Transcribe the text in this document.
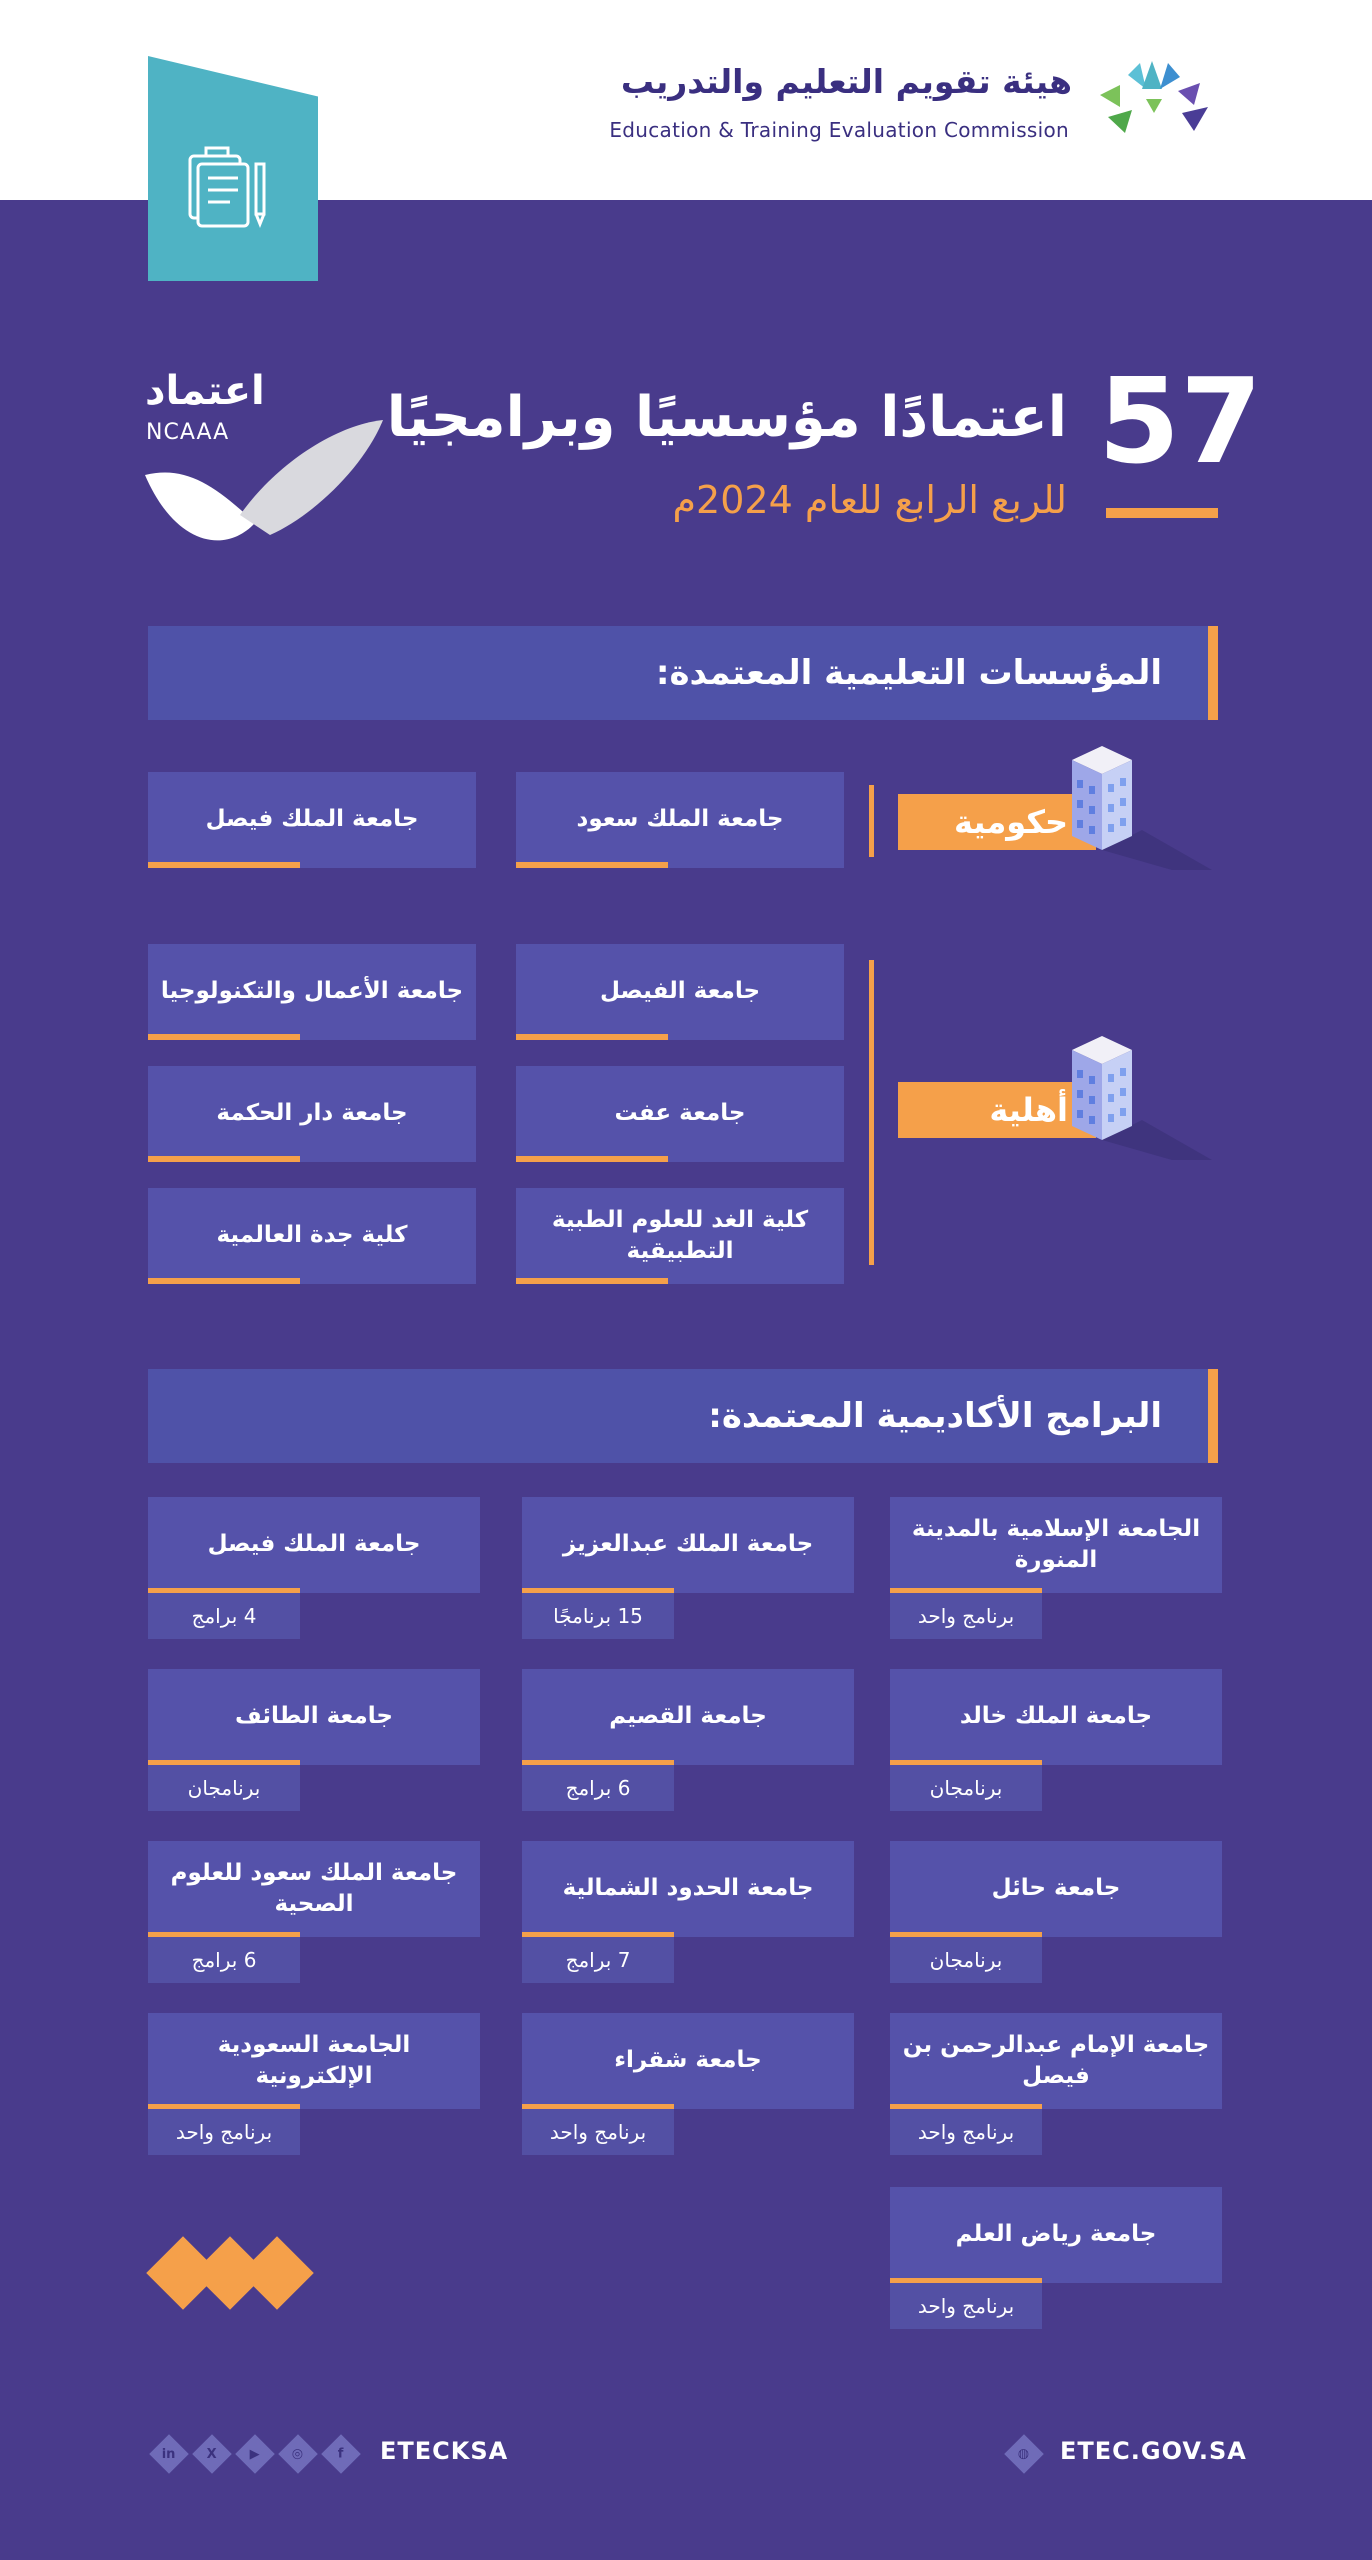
هيئة تقويم التعليم والتدريب
Education & Training Evaluation Commission
57
اعتمادًا مؤسسيًا وبرامجيًا
للربع الرابع للعام 2024م
اعتماد
NCAAA
المؤسسات التعليمية المعتمدة:
حكومية
جامعة الملك سعود
جامعة الملك فيصل
أهلية
جامعة الفيصل
جامعة الأعمال والتكنولوجيا
جامعة عفت
جامعة دار الحكمة
كلية الغد للعلوم الطبية التطبيقية
كلية جدة العالمية
البرامج الأكاديمية المعتمدة:
الجامعة الإسلامية بالمدينة المنورة
برنامج واحد
جامعة الملك عبدالعزيز
15 برنامجًا
جامعة الملك فيصل
4 برامج
جامعة الملك خالد
برنامجان
جامعة القصيم
6 برامج
جامعة الطائف
برنامجان
جامعة حائل
برنامجان
جامعة الحدود الشمالية
7 برامج
جامعة الملك سعود للعلوم الصحية
6 برامج
جامعة الإمام عبدالرحمن بن فيصل
برنامج واحد
جامعة شقراء
برنامج واحد
الجامعة السعودية الإلكترونية
برنامج واحد
جامعة رياض العلم
برنامج واحد
◍ ETEC.GOV.SA
in X	▶ ◎	f ETECKSA
